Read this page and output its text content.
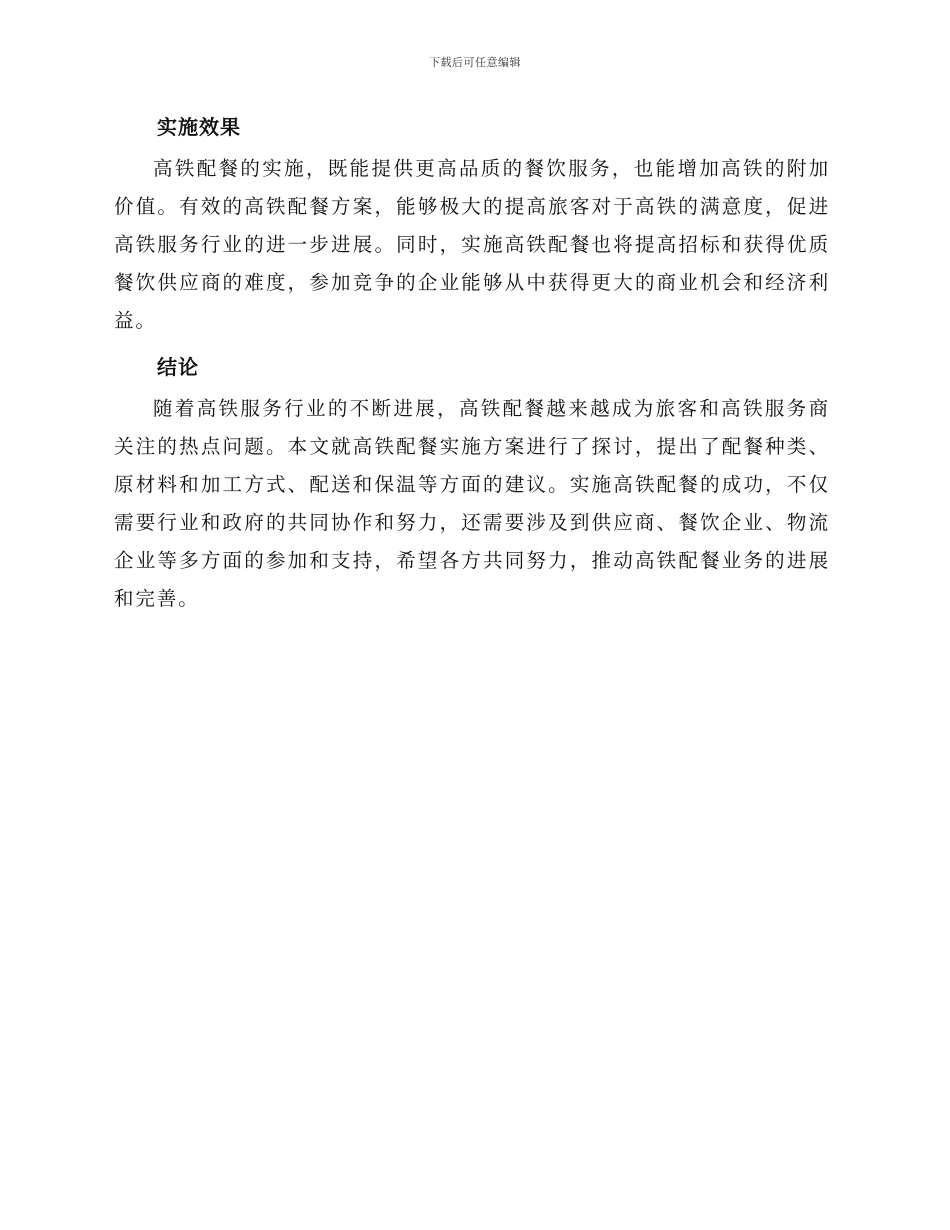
下载后可任意编辑
实施效果

高铁配餐的实施，既能提供更高品质的餐饮服务，也能增加高铁的附加价值。有效的高铁配餐方案，能够极大的提高旅客对于高铁的满意度，促进高铁服务行业的进一步进展。同时，实施高铁配餐也将提高招标和获得优质餐饮供应商的难度，参加竞争的企业能够从中获得更大的商业机会和经济利益。

结论

随着高铁服务行业的不断进展，高铁配餐越来越成为旅客和高铁服务商关注的热点问题。本文就高铁配餐实施方案进行了探讨，提出了配餐种类、原材料和加工方式、配送和保温等方面的建议。实施高铁配餐的成功，不仅需要行业和政府的共同协作和努力，还需要涉及到供应商、餐饮企业、物流企业等多方面的参加和支持，希望各方共同努力，推动高铁配餐业务的进展和完善。
